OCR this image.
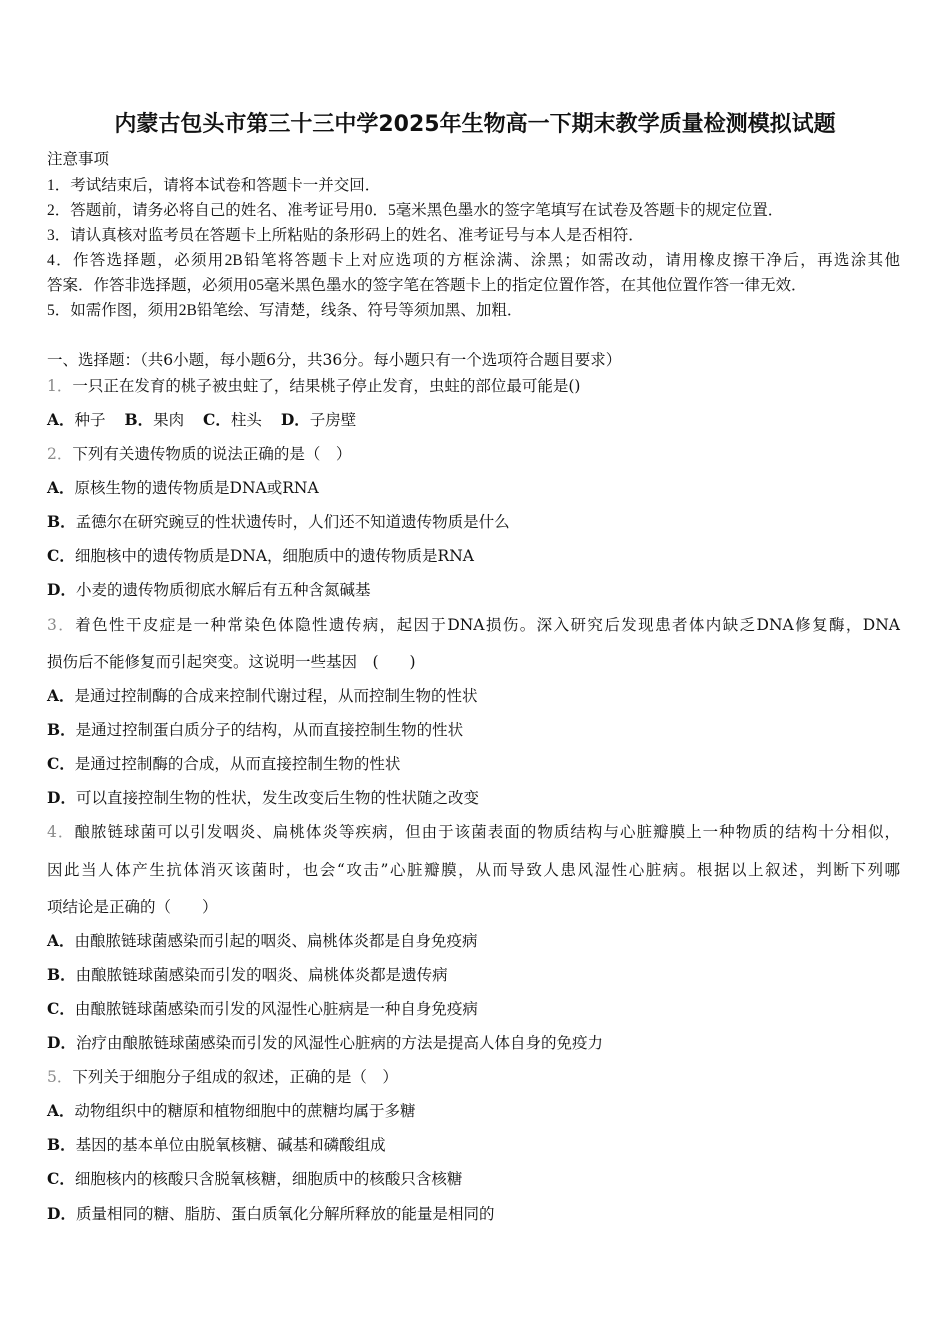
内蒙古包头市第三十三中学2025年生物高一下期末教学质量检测模拟试题
注意事项
1．考试结束后，请将本试卷和答题卡一并交回．
2．答题前，请务必将自己的姓名、准考证号用0．5毫米黑色墨水的签字笔填写在试卷及答题卡的规定位置．
3．请认真核对监考员在答题卡上所粘贴的条形码上的姓名、准考证号与本人是否相符．
4．作答选择题，必须用2B铅笔将答题卡上对应选项的方框涂满、涂黑；如需改动，请用橡皮擦干净后，再选涂其他
答案．作答非选择题，必须用05毫米黑色墨水的签字笔在答题卡上的指定位置作答，在其他位置作答一律无效．
5．如需作图，须用2B铅笔绘、写清楚，线条、符号等须加黑、加粗．
一、选择题：（共6小题，每小题6分，共36分。每小题只有一个选项符合题目要求）
1．一只正在发育的桃子被虫蛀了，结果桃子停止发育，虫蛀的部位最可能是()
A．种子 B．果肉 C．柱头 D．子房壁
2．下列有关遗传物质的说法正确的是（　）
A．原核生物的遗传物质是DNA或RNA
B．孟德尔在研究豌豆的性状遗传时，人们还不知道遗传物质是什么
C．细胞核中的遗传物质是DNA，细胞质中的遗传物质是RNA
D．小麦的遗传物质彻底水解后有五种含氮碱基
3．着色性干皮症是一种常染色体隐性遗传病，起因于DNA损伤。深入研究后发现患者体内缺乏DNA修复酶，DNA
损伤后不能修复而引起突变。这说明一些基因　(　　)
A．是通过控制酶的合成来控制代谢过程，从而控制生物的性状
B．是通过控制蛋白质分子的结构，从而直接控制生物的性状
C．是通过控制酶的合成，从而直接控制生物的性状
D．可以直接控制生物的性状，发生改变后生物的性状随之改变
4．酿脓链球菌可以引发咽炎、扁桃体炎等疾病，但由于该菌表面的物质结构与心脏瓣膜上一种物质的结构十分相似，
因此当人体产生抗体消灭该菌时，也会“攻击”心脏瓣膜，从而导致人患风湿性心脏病。根据以上叙述，判断下列哪
项结论是正确的（　　）
A．由酿脓链球菌感染而引起的咽炎、扁桃体炎都是自身免疫病
B．由酿脓链球菌感染而引发的咽炎、扁桃体炎都是遗传病
C．由酿脓链球菌感染而引发的风湿性心脏病是一种自身免疫病
D．治疗由酿脓链球菌感染而引发的风湿性心脏病的方法是提高人体自身的免疫力
5．下列关于细胞分子组成的叙述，正确的是（　）
A．动物组织中的糖原和植物细胞中的蔗糖均属于多糖
B．基因的基本单位由脱氧核糖、碱基和磷酸组成
C．细胞核内的核酸只含脱氧核糖，细胞质中的核酸只含核糖
D．质量相同的糖、脂肪、蛋白质氧化分解所释放的能量是相同的
